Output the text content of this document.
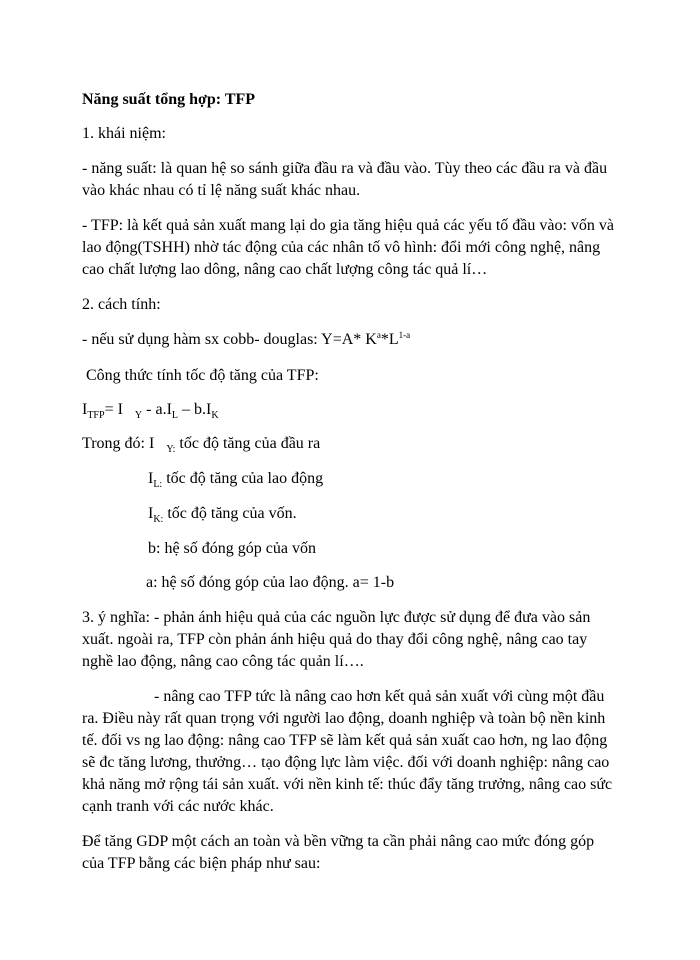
Năng suất tổng hợp: TFP
1. khái niệm:
- năng suất: là quan hệ so sánh giữa đầu ra và đầu vào. Tùy theo các đầu ra và đầu
vào khác nhau có tỉ lệ năng suất khác nhau.
- TFP: là kết quả sản xuất mang lại do gia tăng hiệu quả các yếu tố đầu vào: vốn và
lao động(TSHH) nhờ tác động của các nhân tố vô hình: đổi mới công nghệ, nâng
cao chất lượng lao dông, nâng cao chất lượng công tác quả lí…
2. cách tính:
- nếu sử dụng hàm sx cobb- douglas: Y=A* $K^a*L^{1-a}$
Công thức tính tốc độ tăng của TFP:
$I_{TFP}= I$ $_Y - a.I_L - b.I_K$
Trong đó: I $_{Y:}$ tốc độ tăng của đầu ra
$I_{L:}$ tốc độ tăng của lao động
$I_{K:}$ tốc độ tăng của vốn.
b: hệ số đóng góp của vốn
a: hệ số đóng góp của lao động. a= 1-b
3. ý nghĩa: - phản ánh hiệu quả của các nguồn lực được sử dụng để đưa vào sản
xuất. ngoài ra, TFP còn phản ánh hiệu quả do thay đổi công nghệ, nâng cao tay
nghề lao động, nâng cao công tác quản lí….
- nâng cao TFP tức là nâng cao hơn kết quả sản xuất với cùng một đầu
ra. Điều này rất quan trọng với người lao động, doanh nghiệp và toàn bộ nền kinh
tế. đối vs ng lao động: nâng cao TFP sẽ làm kết quả sản xuất cao hơn, ng lao động
sẽ đc tăng lương, thưởng… tạo động lực làm việc. đối với doanh nghiệp: nâng cao
khả năng mở rộng tái sản xuất. với nền kinh tế: thúc đẩy tăng trưởng, nâng cao sức
cạnh tranh với các nước khác.
Để tăng GDP một cách an toàn và bền vững ta cần phải nâng cao mức đóng góp
của TFP bằng các biện pháp như sau:
